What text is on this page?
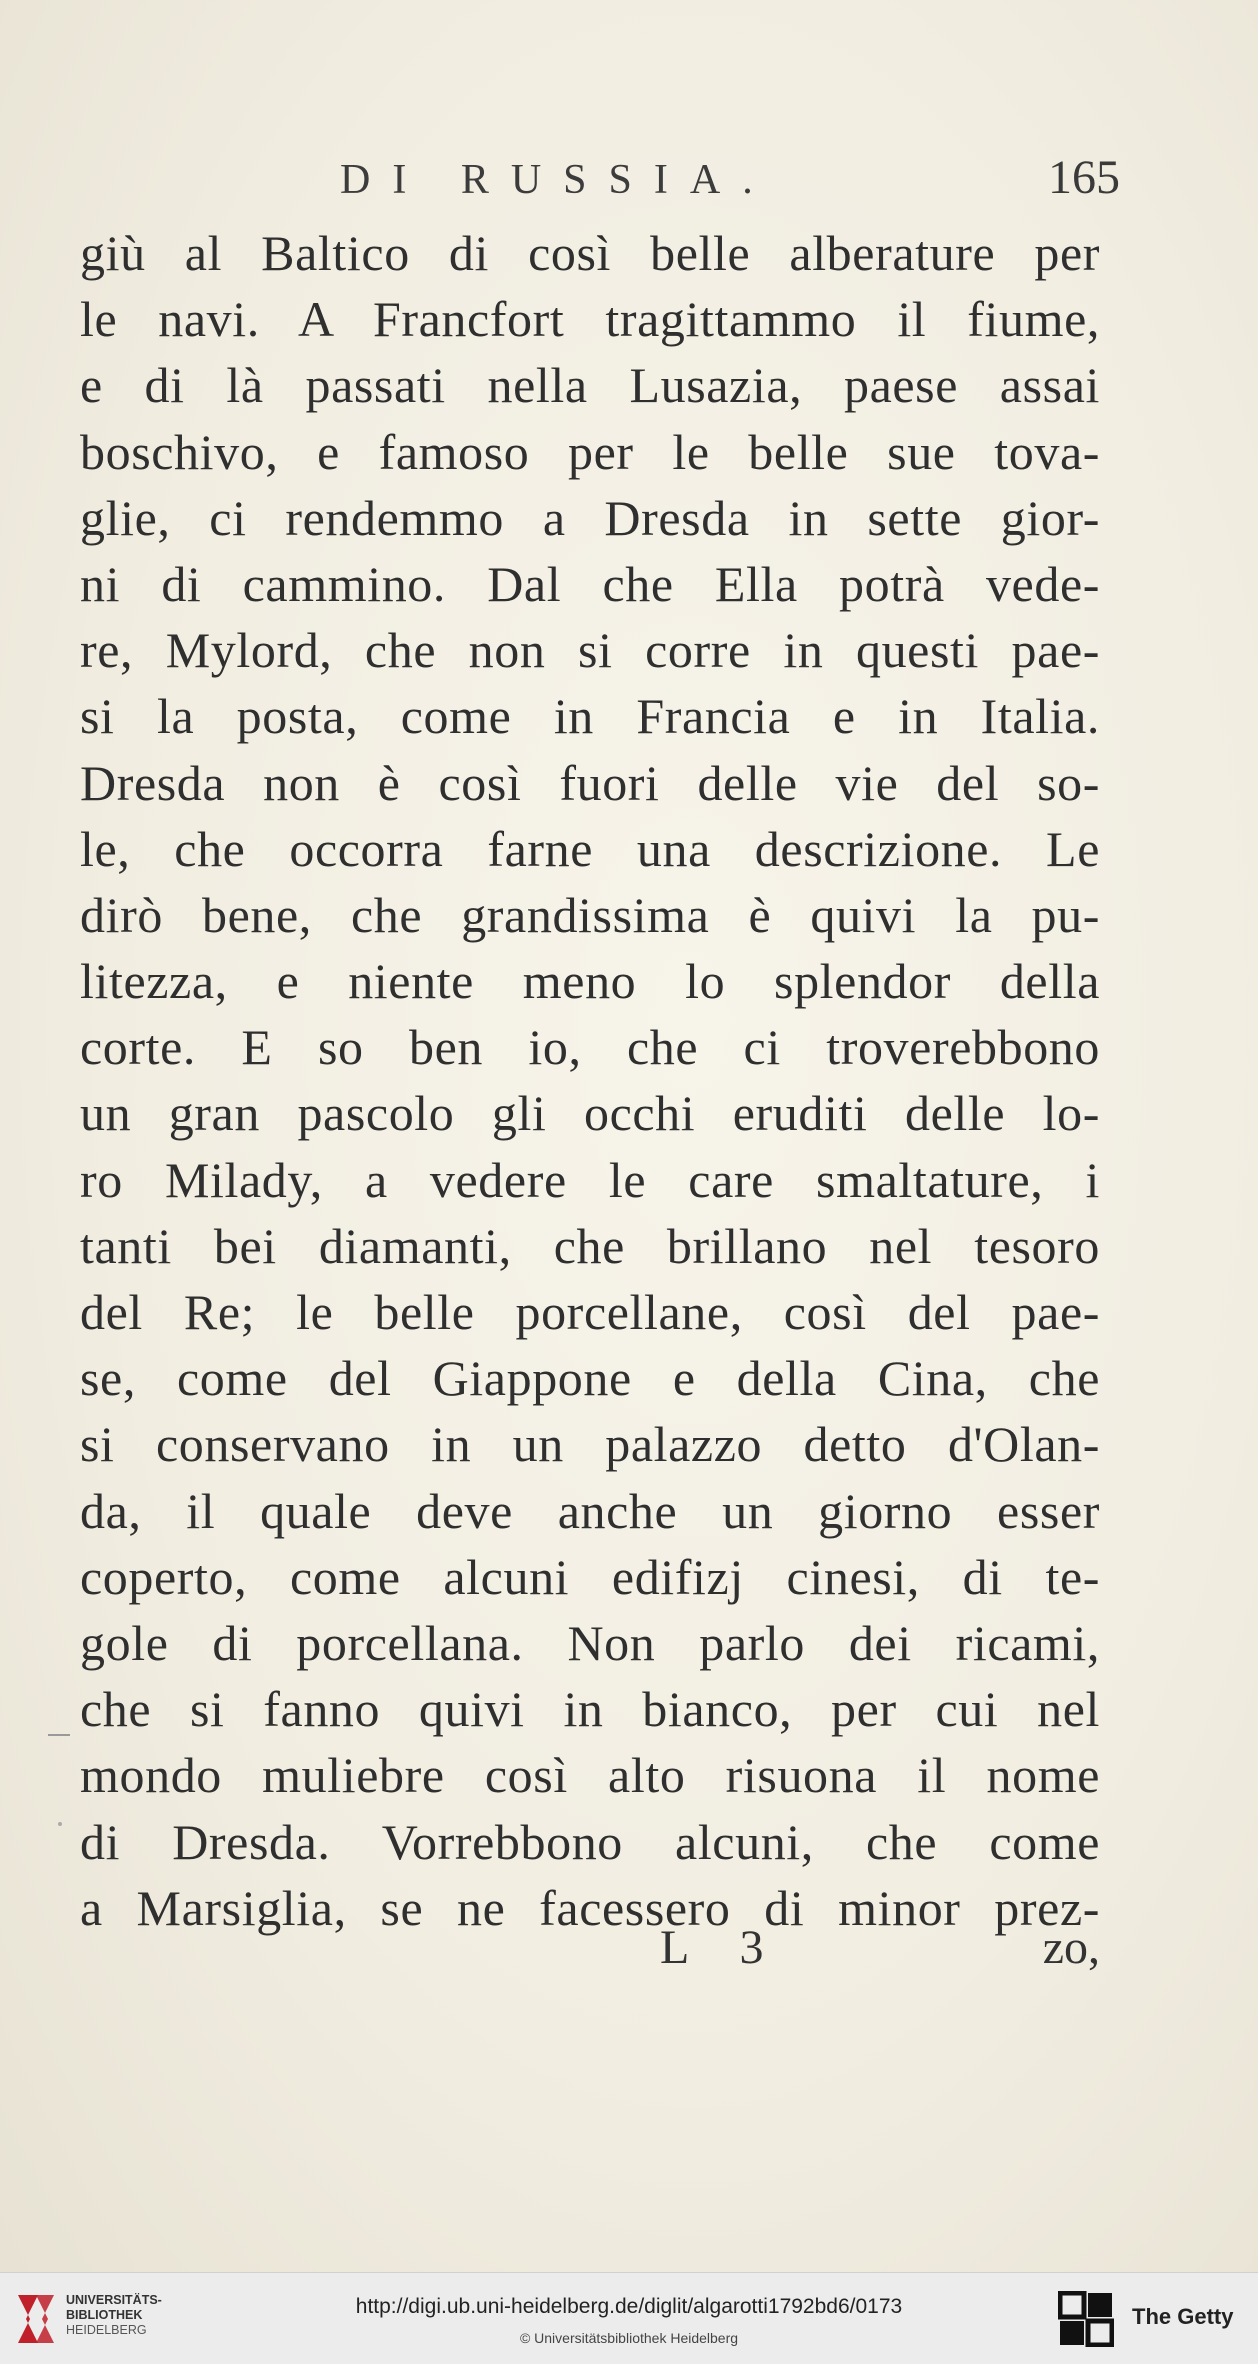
DI RUSSIA.	165
giù al Baltico di così belle alberature per
le navi. A Francfort tragittammo il fiume,
e di là passati nella Lusazia, paese assai
boschivo, e famoso per le belle sue tova-
glie, ci rendemmo a Dresda in sette gior-
ni di cammino. Dal che Ella potrà vede-
re, Mylord, che non si corre in questi pae-
si la posta, come in Francia e in Italia.
Dresda non è così fuori delle vie del so-
le, che occorra farne una descrizione. Le
dirò bene, che grandissima è quivi la pu-
litezza, e niente meno lo splendor della
corte. E so ben io, che ci troverebbono
un gran pascolo gli occhi eruditi delle lo-
ro Milady, a vedere le care smaltature, i
tanti bei diamanti, che brillano nel tesoro
del Re; le belle porcellane, così del pae-
se, come del Giappone e della Cina, che
si conservano in un palazzo detto d'Olan-
da, il quale deve anche un giorno esser
coperto, come alcuni edifizj cinesi, di te-
gole di porcellana. Non parlo dei ricami,
che si fanno quivi in bianco, per cui nel
mondo muliebre così alto risuona il nome
di Dresda. Vorrebbono alcuni, che come
a Marsiglia, se ne facessero di minor prez-
L 3	zo,
UNIVERSITÄTS-
BIBLIOTHEK
HEIDELBERG
http://digi.ub.uni-heidelberg.de/diglit/algarotti1792bd6/0173
© Universitätsbibliothek Heidelberg
The Getty
